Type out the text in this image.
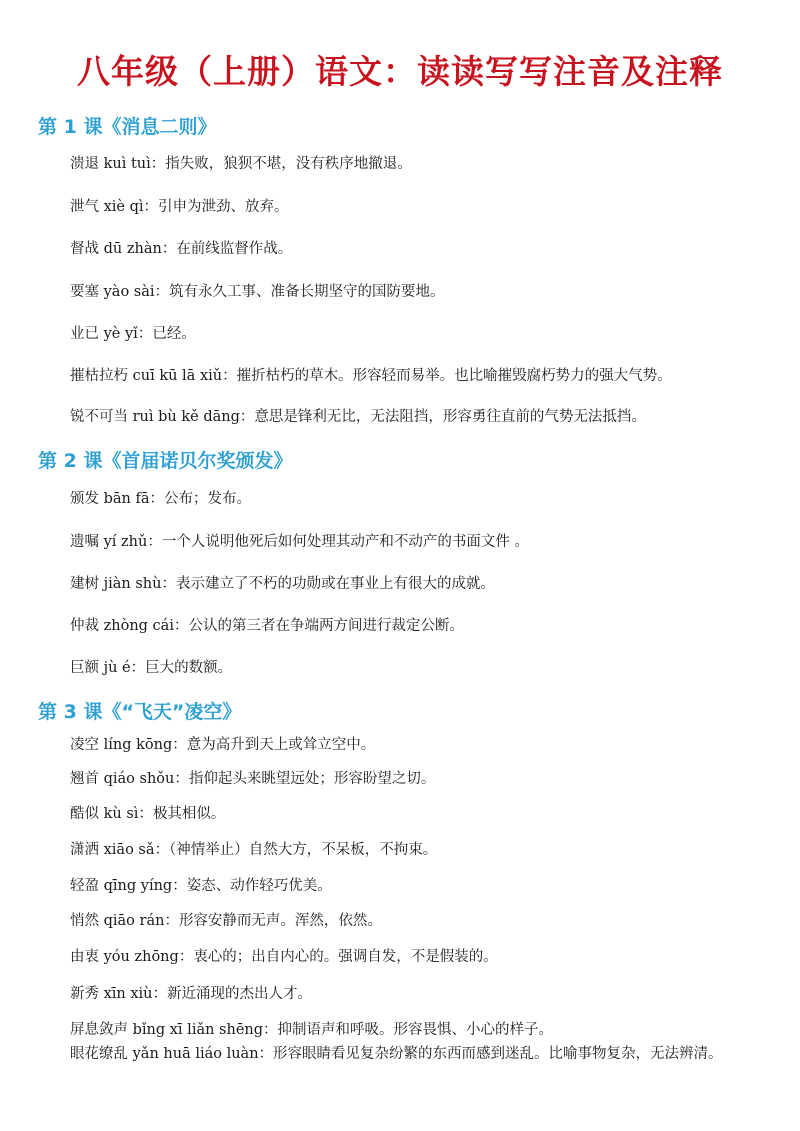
八年级（上册）语文：读读写写注音及注释
第 1 课《消息二则》

溃退 kuì tuì：指失败，狼狈不堪，没有秩序地撤退。

泄气 xiè qì：引申为泄劲、放弃。

督战 dū zhàn：在前线监督作战。

要塞 yào sài：筑有永久工事、准备长期坚守的国防要地。

业已 yè yǐ：已经。

摧枯拉朽 cuī kū lā xiǔ：摧折枯朽的草木。形容轻而易举。也比喻摧毁腐朽势力的强大气势。

锐不可当 ruì bù kě dāng：意思是锋利无比，无法阻挡，形容勇往直前的气势无法抵挡。

第 2 课《首届诺贝尔奖颁发》

颁发 bān fā：公布；发布。

遗嘱 yí zhǔ：一个人说明他死后如何处理其动产和不动产的书面文件 。

建树 jiàn shù：表示建立了不朽的功勋或在事业上有很大的成就。

仲裁 zhòng cái：公认的第三者在争端两方间进行裁定公断。

巨额 jù é：巨大的数额。

第 3 课《“飞天”凌空》

凌空 líng kōng：意为高升到天上或耸立空中。

翘首 qiáo shǒu：指仰起头来眺望远处；形容盼望之切。

酷似 kù sì：极其相似。

潇洒 xiāo sǎ：（神情举止）自然大方，不呆板，不拘束。

轻盈 qīng yíng：姿态、动作轻巧优美。

悄然 qiāo rán：形容安静而无声。浑然，依然。

由衷 yóu zhōng：衷心的；出自内心的。强调自发，不是假装的。

新秀 xīn xiù：新近涌现的杰出人才。

屏息敛声 bǐng xī liǎn shēng：抑制语声和呼吸。形容畏惧、小心的样子。

眼花缭乱 yǎn huā liáo luàn：形容眼睛看见复杂纷繁的东西而感到迷乱。比喻事物复杂，无法辨清。
